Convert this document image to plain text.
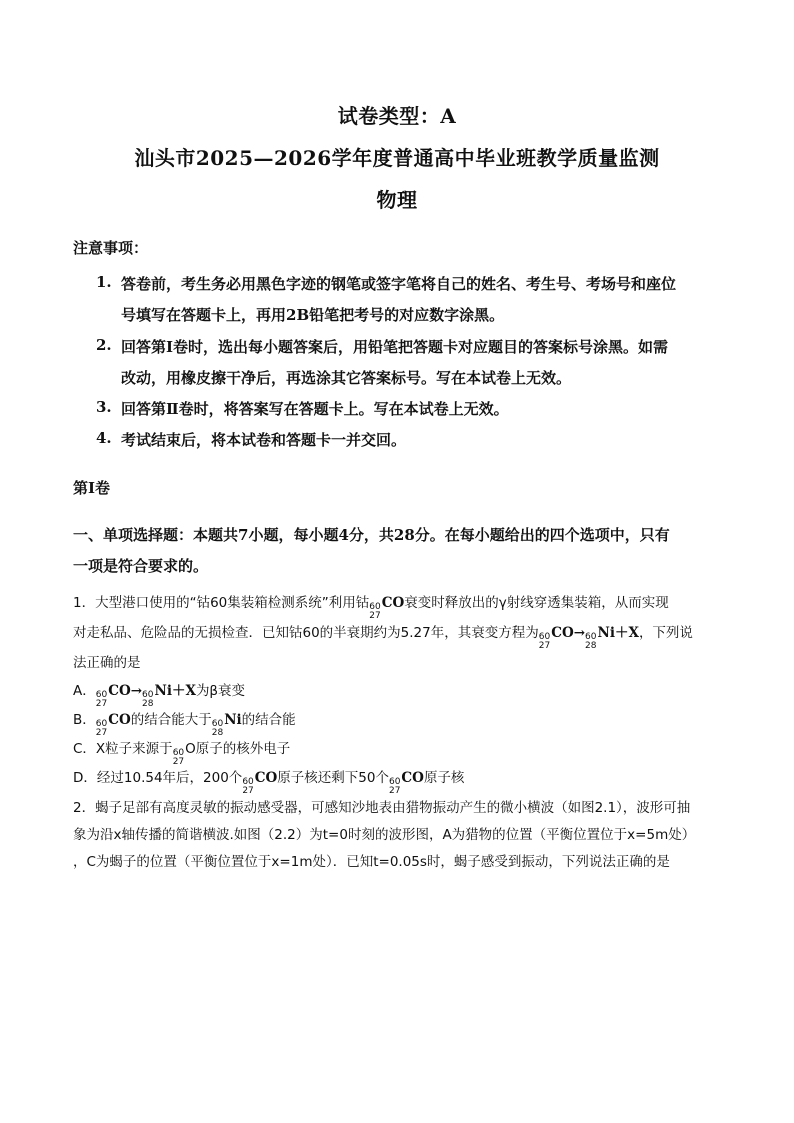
试卷类型：A
汕头市2025—2026学年度普通高中毕业班教学质量监测
物理
注意事项：
1. 答卷前，考生务必用黑色字迹的钢笔或签字笔将自己的姓名、考生号、考场号和座位
号填写在答题卡上，再用2B铅笔把考号的对应数字涂黑。
2. 回答第Ⅰ卷时，选出每小题答案后，用铅笔把答题卡对应题目的答案标号涂黑。如需
改动，用橡皮擦干净后，再选涂其它答案标号。写在本试卷上无效。
3. 回答第Ⅱ卷时，将答案写在答题卡上。写在本试卷上无效。
4. 考试结束后，将本试卷和答题卡一并交回。
第Ⅰ卷
一、单项选择题：本题共7小题，每小题4分，共28分。在每小题给出的四个选项中，只有
一项是符合要求的。
1．大型港口使用的“钴60集装箱检测系统”利用钴 60
27
CO衰变时释放出的γ射线穿透集装箱，从而实现
对走私品、危险品的无损检查．已知钴60的半衰期约为5.27年，其衰变方程为 60
27
CO→ 60
28
Ni＋X，下列说
法正确的是
A． 60
27
CO→ 60
28
Ni＋X为β衰变
B． 60
27
CO的结合能大于 60
28
Ni的结合能
C．X粒子来源于 60
27
O原子的核外电子
D．经过10.54年后，200个 60
27
CO原子核还剩下50个 60
27
CO原子核
2．蝎子足部有高度灵敏的振动感受器，可感知沙地表由猎物振动产生的微小横波（如图2.1），波形可抽
象为沿x轴传播的简谐横波.如图（2.2）为t=0时刻的波形图，A为猎物的位置（平衡位置位于x=5m处）
，C为蝎子的位置（平衡位置位于x=1m处）．已知t=0.05s时，蝎子感受到振动，下列说法正确的是
